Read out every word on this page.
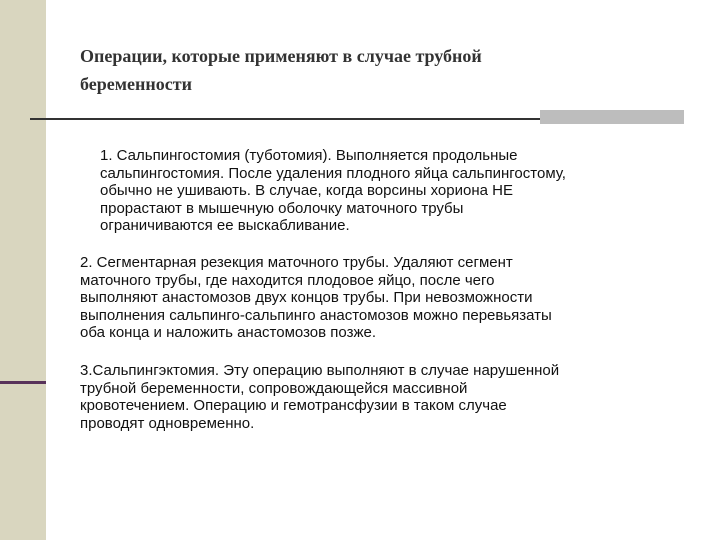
Операции, которые применяют в случае трубной
беременности
1. Сальпингостомия (туботомия). Выполняется продольные
сальпингостомия. После удаления плодного яйца сальпингостому,
обычно не ушивають. В случае, когда ворсины хориона НЕ
прорастают в мышечную оболочку маточного трубы
ограничиваются ее выскабливание.
2. Сегментарная резекция маточного трубы. Удаляют сегмент
маточного трубы, где находится плодовое яйцо, после чего
выполняют анастомозов двух концов трубы. При невозможности
выполнения сальпинго-сальпинго анастомозов можно перевьязаты
оба конца и наложить анастомозов позже.
3.Сальпингэктомия. Эту операцию выполняют в случае нарушенной
трубной беременности, сопровождающейся массивной
кровотечением. Операцию и гемотрансфузии в таком случае
проводят одновременно.
